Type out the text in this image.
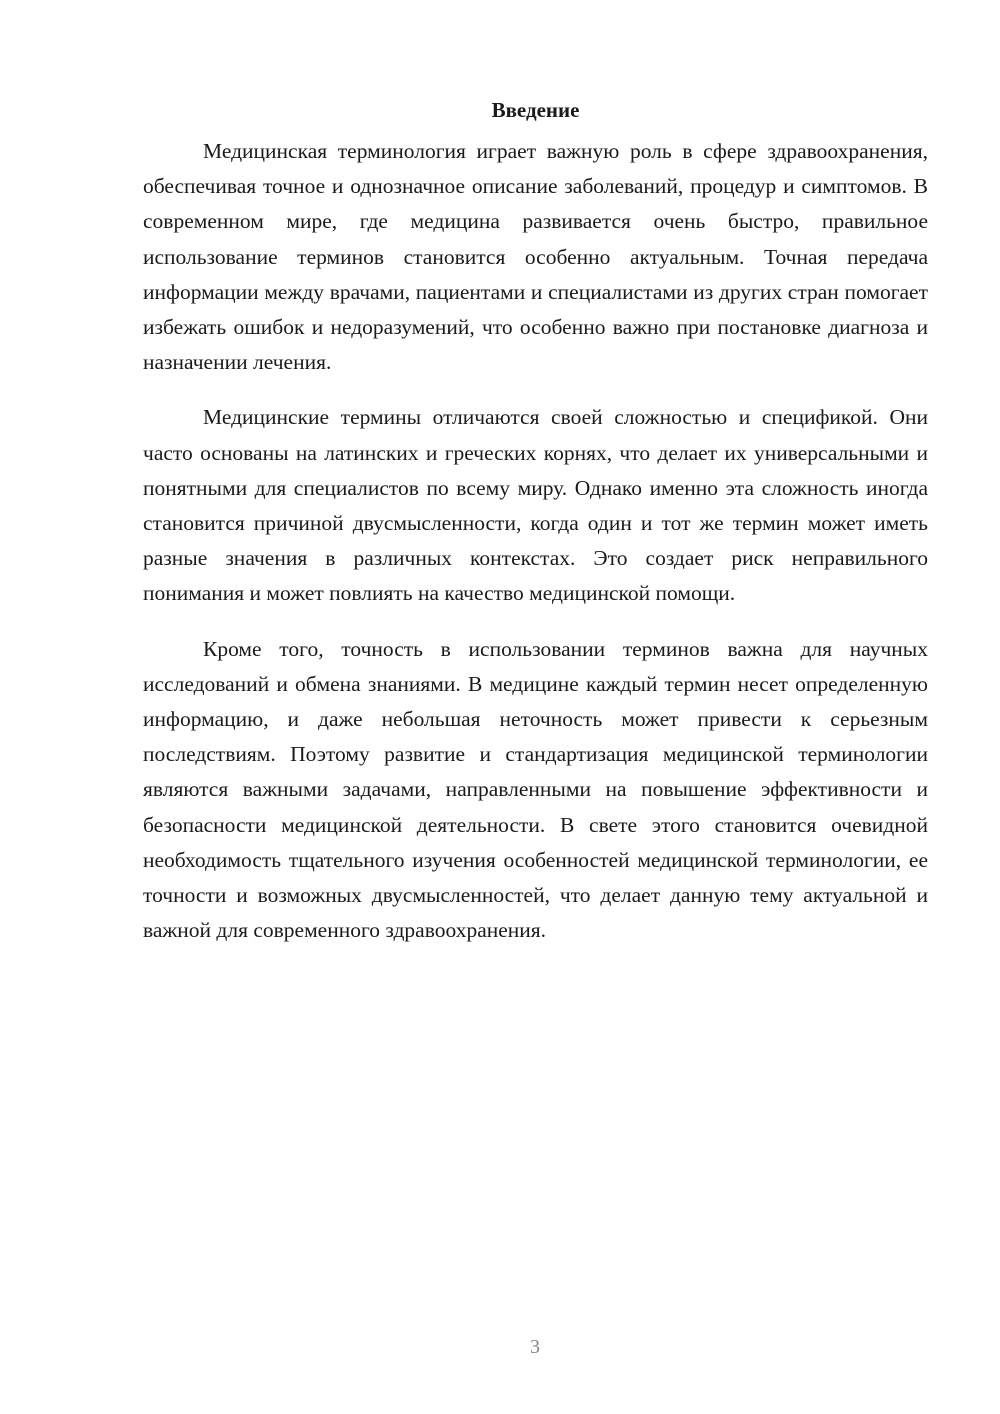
Введение

Медицинская терминология играет важную роль в сфере здравоохранения, обеспечивая точное и однозначное описание заболеваний, процедур и симптомов. В современном мире, где медицина развивается очень быстро, правильное использование терминов становится особенно актуальным. Точная передача информации между врачами, пациентами и специалистами из других стран помогает избежать ошибок и недоразумений, что особенно важно при постановке диагноза и назначении лечения.

Медицинские термины отличаются своей сложностью и спецификой. Они часто основаны на латинских и греческих корнях, что делает их универсальными и понятными для специалистов по всему миру. Однако именно эта сложность иногда становится причиной двусмысленности, когда один и тот же термин может иметь разные значения в различных контекстах. Это создает риск неправильного понимания и может повлиять на качество медицинской помощи.

Кроме того, точность в использовании терминов важна для научных исследований и обмена знаниями. В медицине каждый термин несет определенную информацию, и даже небольшая неточность может привести к серьезным последствиям. Поэтому развитие и стандартизация медицинской терминологии являются важными задачами, направленными на повышение эффективности и безопасности медицинской деятельности. В свете этого становится очевидной необходимость тщательного изучения особенностей медицинской терминологии, ее точности и возможных двусмысленностей, что делает данную тему актуальной и важной для современного здравоохранения.

3
